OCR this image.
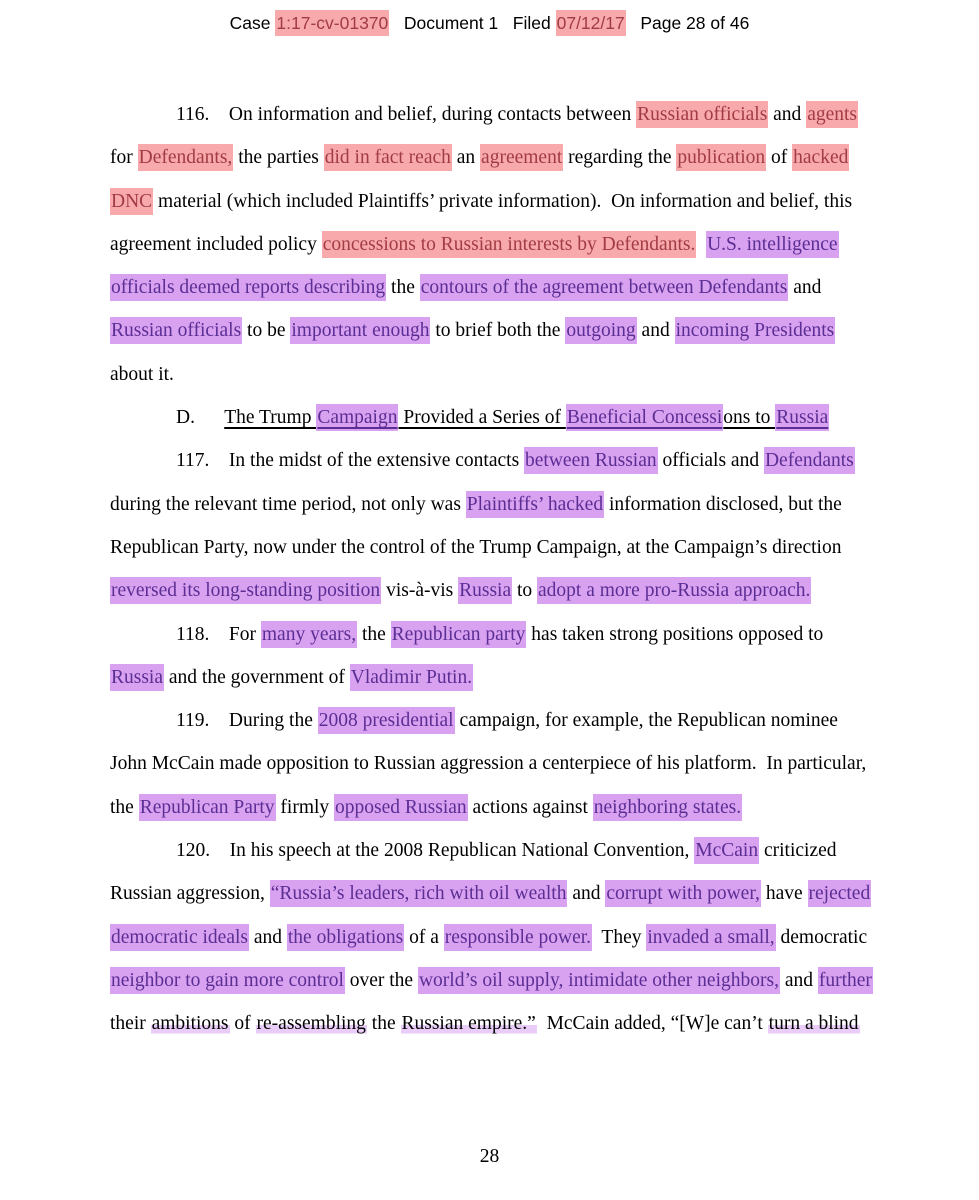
Case 1:17-cv-01370   Document 1   Filed 07/12/17   Page 28 of 46
116. On information and belief, during contacts between Russian officials and agents
for Defendants, the parties did in fact reach an agreement regarding the publication of hacked
DNC material (which included Plaintiffs’ private information).  On information and belief, this
agreement included policy concessions to Russian interests by Defendants. U.S. intelligence
officials deemed reports describing the contours of the agreement between Defendants and
Russian officials to be important enough to brief both the outgoing and incoming Presidents
about it.
D.  The Trump Campaign Provided a Series of Beneficial Concessions to Russia
117. In the midst of the extensive contacts between Russian officials and Defendants
during the relevant time period, not only was Plaintiffs’ hacked information disclosed, but the
Republican Party, now under the control of the Trump Campaign, at the Campaign’s direction
reversed its long-standing position vis-à-vis Russia to adopt a more pro-Russia approach.
118. For many years, the Republican party has taken strong positions opposed to
Russia and the government of Vladimir Putin.
119. During the 2008 presidential campaign, for example, the Republican nominee
John McCain made opposition to Russian aggression a centerpiece of his platform.  In particular,
the Republican Party firmly opposed Russian actions against neighboring states.
120. In his speech at the 2008 Republican National Convention, McCain criticized
Russian aggression, “Russia’s leaders, rich with oil wealth and corrupt with power, have rejected
democratic ideals and the obligations of a responsible power.  They invaded a small, democratic
neighbor to gain more control over the world’s oil supply, intimidate other neighbors, and further
their ambitions of re-assembling the Russian empire.”  McCain added, “[W]e can’t turn a blind
28
